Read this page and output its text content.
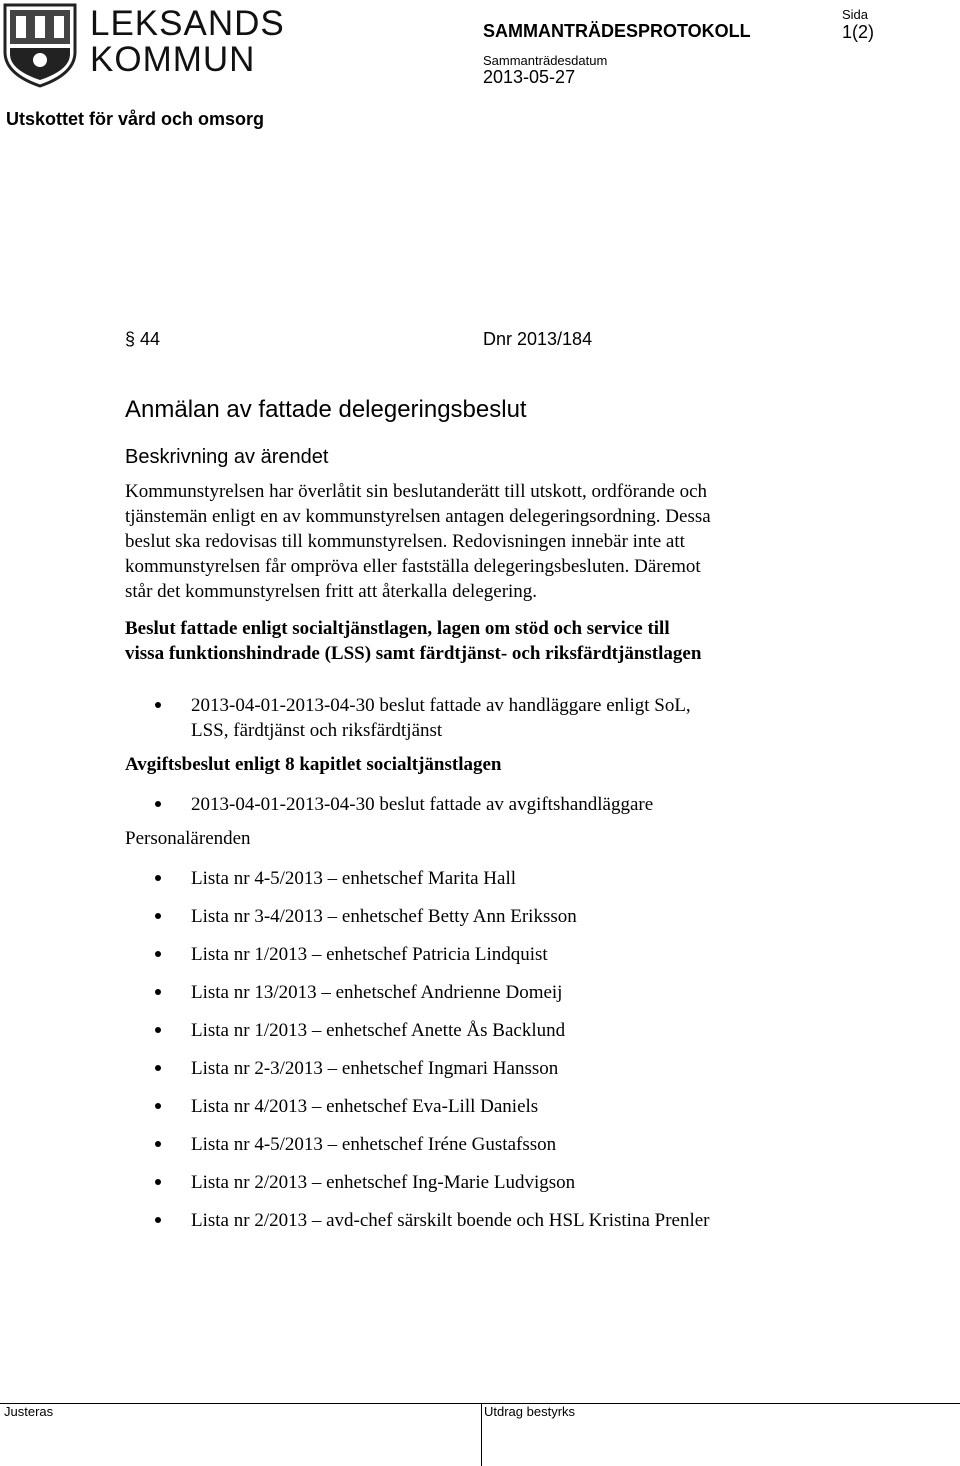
LEKSANDS
KOMMUN
SAMMANTRÄDESPROTOKOLL
Sida
1(2)
Sammanträdesdatum
2013-05-27
Utskottet för vård och omsorg
§ 44	Dnr 2013/184
Anmälan av fattade delegeringsbeslut
Beskrivning av ärendet
Kommunstyrelsen har överlåtit sin beslutanderätt till utskott, ordförande och
tjänstemän enligt en av kommunstyrelsen antagen delegeringsordning. Dessa
beslut ska redovisas till kommunstyrelsen. Redovisningen innebär inte att
kommunstyrelsen får ompröva eller fastställa delegeringsbesluten. Däremot
står det kommunstyrelsen fritt att återkalla delegering.
Beslut fattade enligt socialtjänstlagen, lagen om stöd och service till
vissa funktionshindrade (LSS) samt färdtjänst- och riksfärdtjänstlagen
2013-04-01-2013-04-30 beslut fattade av handläggare enligt SoL,
LSS, färdtjänst och riksfärdtjänst
Avgiftsbeslut enligt 8 kapitlet socialtjänstlagen
2013-04-01-2013-04-30 beslut fattade av avgiftshandläggare
Personalärenden
Lista nr 4-5/2013 – enhetschef Marita Hall
Lista nr 3-4/2013 – enhetschef Betty Ann Eriksson
Lista nr 1/2013 – enhetschef Patricia Lindquist
Lista nr 13/2013 – enhetschef Andrienne Domeij
Lista nr 1/2013 – enhetschef Anette Ås Backlund
Lista nr 2-3/2013 – enhetschef Ingmari Hansson
Lista nr 4/2013 – enhetschef Eva-Lill Daniels
Lista nr 4-5/2013 – enhetschef Iréne Gustafsson
Lista nr 2/2013 – enhetschef Ing-Marie Ludvigson
Lista nr 2/2013 – avd-chef särskilt boende och HSL Kristina Prenler
Justeras	Utdrag bestyrks
